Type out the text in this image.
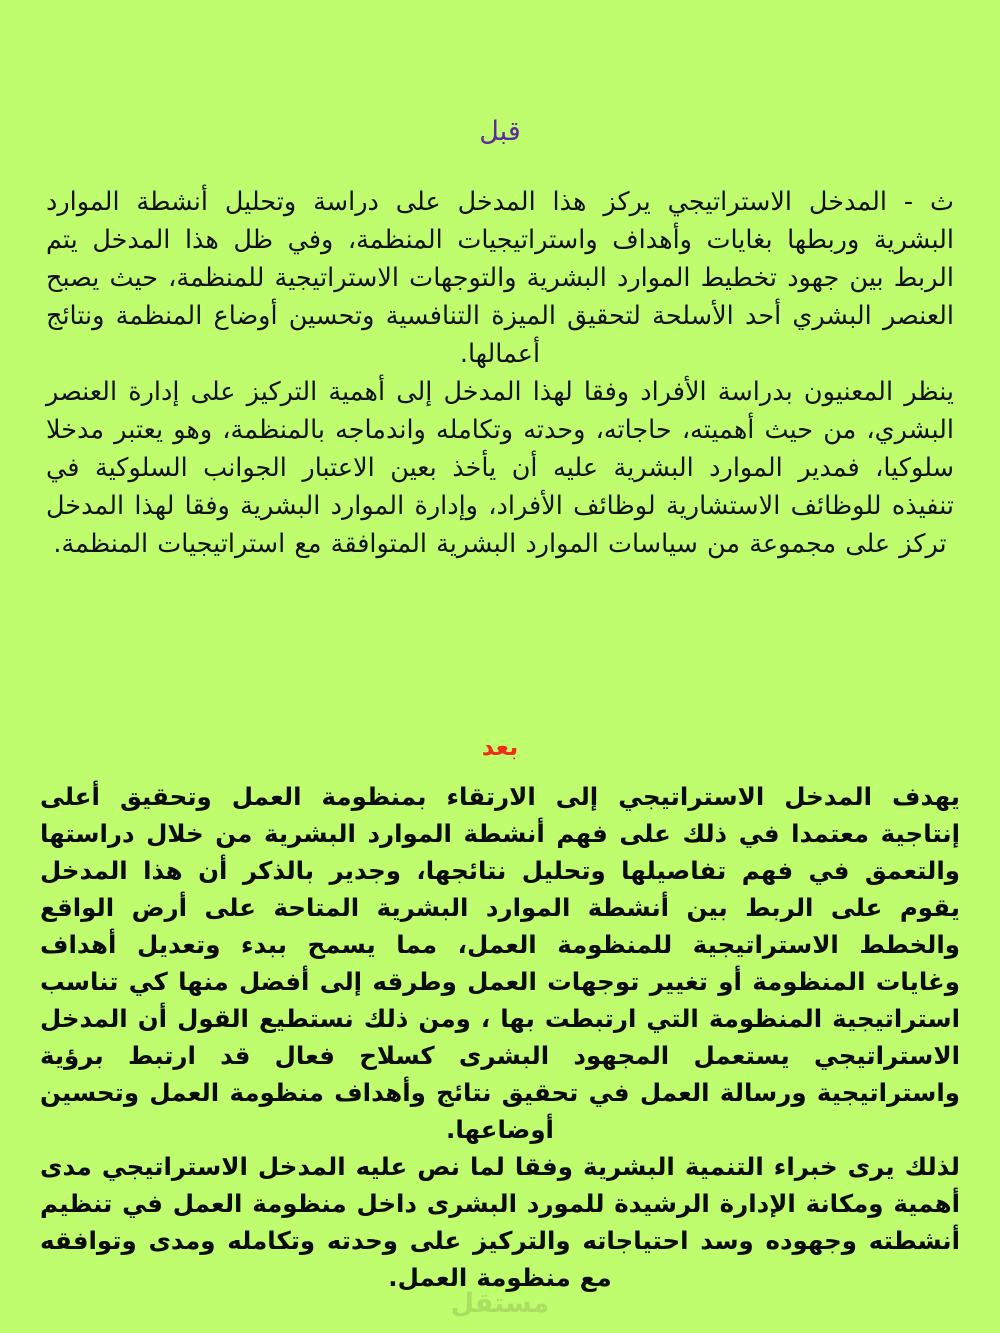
قبل

ث - المدخل الاستراتيجي يركز هذا المدخل على دراسة وتحليل أنشطة الموارد البشرية وربطها بغايات وأهداف واستراتيجيات المنظمة، وفي ظل هذا المدخل يتم الربط بين جهود تخطيط الموارد البشرية والتوجهات الاستراتيجية للمنظمة، حيث يصبح العنصر البشري أحد الأسلحة لتحقيق الميزة التنافسية وتحسين أوضاع المنظمة ونتائج أعمالها.

ينظر المعنيون بدراسة الأفراد وفقا لهذا المدخل إلى أهمية التركيز على إدارة العنصر البشري، من حيث أهميته، حاجاته، وحدته وتكامله واندماجه بالمنظمة، وهو يعتبر مدخلا سلوكيا، فمدير الموارد البشرية عليه أن يأخذ بعين الاعتبار الجوانب السلوكية في تنفيذه للوظائف الاستشارية لوظائف الأفراد، وإدارة الموارد البشرية وفقا لهذا المدخل تركز على مجموعة من سياسات الموارد البشرية المتوافقة مع استراتيجيات المنظمة.

بعد

يهدف المدخل الاستراتيجي إلى الارتقاء بمنظومة العمل وتحقيق أعلى إنتاجية معتمدا في ذلك على فهم أنشطة الموارد البشرية من خلال دراستها والتعمق في فهم تفاصيلها وتحليل نتائجها، وجدير بالذكر أن هذا المدخل يقوم على الربط بين أنشطة الموارد البشرية المتاحة على أرض الواقع والخطط الاستراتيجية للمنظومة العمل، مما يسمح ببدء وتعديل أهداف وغايات المنظومة أو تغيير توجهات العمل وطرقه إلى أفضل منها كي تناسب استراتيجية المنظومة التي ارتبطت بها ، ومن ذلك نستطيع القول أن المدخل الاستراتيجي يستعمل المجهود البشرى كسلاح فعال قد ارتبط برؤية واستراتيجية ورسالة العمل في تحقيق نتائج وأهداف منظومة العمل وتحسين أوضاعها.

لذلك يرى خبراء التنمية البشرية وفقا لما نص عليه المدخل الاستراتيجي مدى أهمية ومكانة الإدارة الرشيدة للمورد البشرى داخل منظومة العمل في تنظيم أنشطته وجهوده وسد احتياجاته والتركيز على وحدته وتكامله ومدى وتوافقه مع منظومة العمل.

مستقل
